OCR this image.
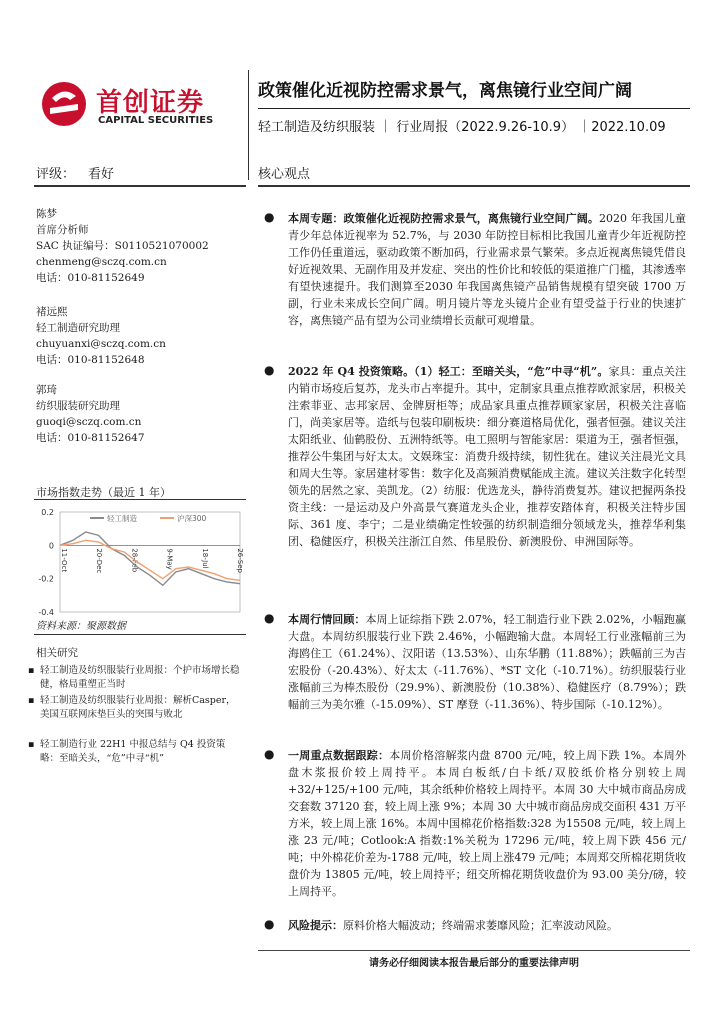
首创证券
CAPITAL SECURITIES
政策催化近视防控需求景气，离焦镜行业空间广阔
轻工制造及纺织服装 ｜ 行业周报（2022.9.26-10.9） ｜2022.10.09
评级： 看好	核心观点
陈梦
首席分析师
SAC 执证编号：S0110521070002
chenmeng@sczq.com.cn
电话：010-81152649
褚远熙
轻工制造研究助理
chuyuanxi@sczq.com.cn
电话：010-81152648
郭琦
纺织服装研究助理
guoqi@sczq.com.cn
电话：010-81152647
市场指数走势（最近 1 年）
0.2
0
-0.2
-0.4
11-Oct	20-Dec	28-Feb	9-May	18-Jul	26-Sep
轻工制造	沪深300
资料来源：聚源数据
相关研究
▪ 轻工制造及纺织服装行业周报：个护市场增长稳健，格局重塑正当时
▪ 轻工制造及纺织服装行业周报：解析Casper，美国互联网床垫巨头的突围与败北
▪ 轻工制造行业 22H1 中报总结与 Q4 投资策略：至暗关头，“危”中寻“机”
● 本周专题：政策催化近视防控需求景气，离焦镜行业空间广阔。2020 年我国儿童青少年总体近视率为 52.7%，与 2030 年防控目标相比我国儿童青少年近视防控工作仍任重道远，驱动政策不断加码，行业需求景气繁荣。多点近视离焦镜凭借良好近视效果、无副作用及并发症、突出的性价比和较低的渠道推广门槛，其渗透率有望快速提升。我们测算至2030 年我国离焦镜产品销售规模有望突破 1700 万副，行业未来成长空间广阔。明月镜片等龙头镜片企业有望受益于行业的快速扩容，离焦镜产品有望为公司业绩增长贡献可观增量。
● 2022 年 Q4 投资策略。（1）轻工：至暗关头，“危”中寻“机”。家具：重点关注内销市场疫后复苏，龙头市占率提升。其中，定制家具重点推荐欧派家居，积极关注索菲亚、志邦家居、金牌厨柜等；成品家具重点推荐顾家家居，积极关注喜临门，尚美家居等。造纸与包装印刷板块：细分赛道格局优化，强者恒强。建议关注太阳纸业、仙鹤股份、五洲特纸等。电工照明与智能家居：渠道为王，强者恒强，推荐公牛集团与好太太。文娱珠宝：消费升级持续，韧性犹在。建议关注晨光文具和周大生等。家居建材零售：数字化及高频消费赋能成主流。建议关注数字化转型领先的居然之家、美凯龙。（2）纺服：优选龙头，静待消费复苏。建议把握两条投资主线：一是运动及户外高景气赛道龙头企业，推荐安踏体育，积极关注特步国际、361 度、李宁；二是业绩确定性较强的纺织制造细分领域龙头，推荐华利集团、稳健医疗，积极关注浙江自然、伟星股份、新澳股份、申洲国际等。
● 本周行情回顾：本周上证综指下跌 2.07%，轻工制造行业下跌 2.02%，小幅跑赢大盘。本周纺织服装行业下跌 2.46%，小幅跑输大盘。本周轻工行业涨幅前三为海鸥住工（61.24%）、汉阳诺（13.53%）、山东华鹏（11.88%）；跌幅前三为吉宏股份（-20.43%）、好太太（-11.76%）、*ST 文化（-10.71%）。纺织服装行业涨幅前三为棒杰股份（29.9%）、新澳股份（10.38%）、稳健医疗（8.79%）；跌幅前三为美尔雅（-15.09%）、ST 摩登（-11.36%）、特步国际（-10.12%）。
● 一周重点数据跟踪：本周价格溶解浆内盘 8700 元/吨，较上周下跌 1%。本周外盘木浆报价较上周持平。本周白板纸/白卡纸/双胶纸价格分别较上周+32/+125/+100 元/吨，其余纸种价格较上周持平。本周 30 大中城市商品房成交套数 37120 套，较上周上涨 9%；本周 30 大中城市商品房成交面积 431 万平方米，较上周上涨 16%。本周中国棉花价格指数:328 为15508 元/吨，较上周上涨 23 元/吨；Cotlook:A 指数:1%关税为 17296 元/吨，较上周下跌 456 元/吨；中外棉花价差为-1788 元/吨，较上周上涨479 元/吨；本周郑交所棉花期货收盘价为 13805 元/吨，较上周持平；纽交所棉花期货收盘价为 93.00 美分/磅，较上周持平。
● 风险提示：原料价格大幅波动；终端需求萎靡风险；汇率波动风险。
请务必仔细阅读本报告最后部分的重要法律声明
